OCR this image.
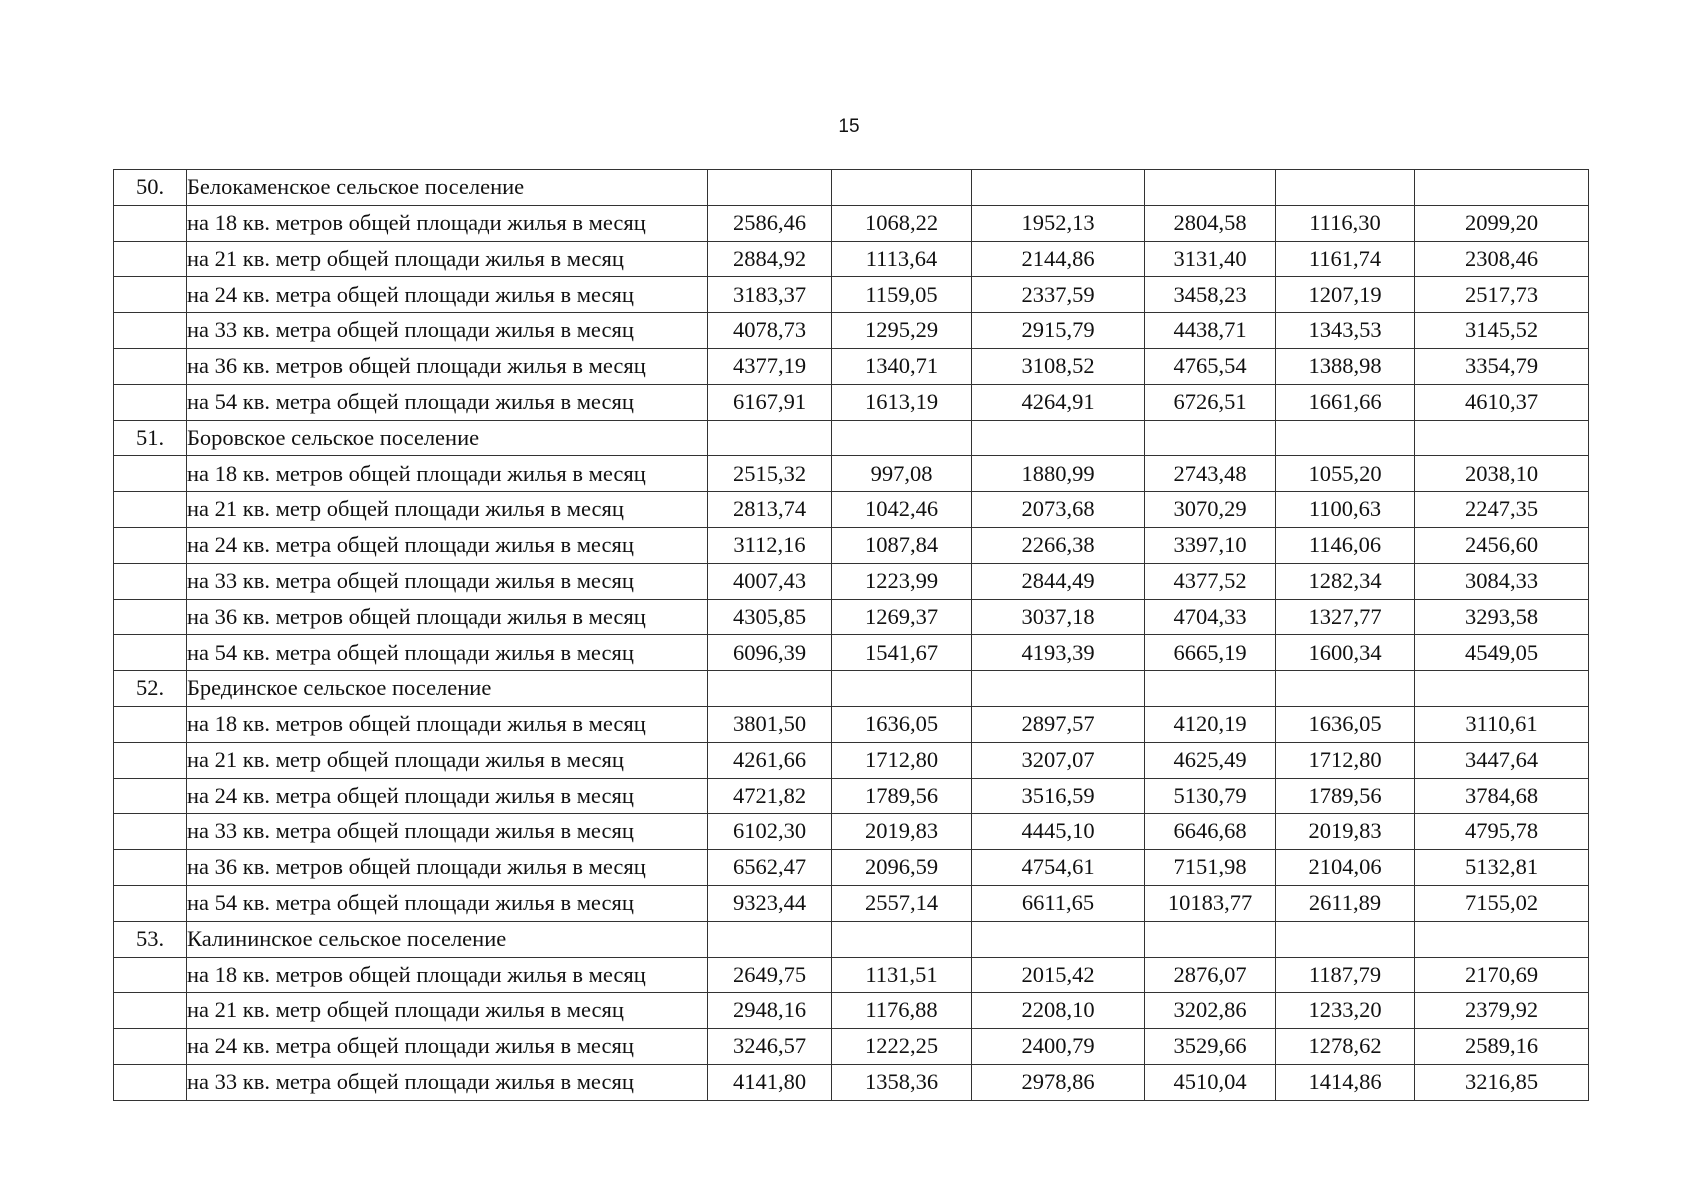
15
50.	Белокаменское сельское поселение						
	на 18 кв. метров общей площади жилья в месяц	2586,46	1068,22	1952,13	2804,58	1116,30	2099,20
	на 21 кв. метр общей площади жилья в месяц	2884,92	1113,64	2144,86	3131,40	1161,74	2308,46
	на 24 кв. метра общей площади жилья в месяц	3183,37	1159,05	2337,59	3458,23	1207,19	2517,73
	на 33 кв. метра общей площади жилья в месяц	4078,73	1295,29	2915,79	4438,71	1343,53	3145,52
	на 36 кв. метров общей площади жилья в месяц	4377,19	1340,71	3108,52	4765,54	1388,98	3354,79
	на 54 кв. метра общей площади жилья в месяц	6167,91	1613,19	4264,91	6726,51	1661,66	4610,37
51.	Боровское сельское поселение						
	на 18 кв. метров общей площади жилья в месяц	2515,32	997,08	1880,99	2743,48	1055,20	2038,10
	на 21 кв. метр общей площади жилья в месяц	2813,74	1042,46	2073,68	3070,29	1100,63	2247,35
	на 24 кв. метра общей площади жилья в месяц	3112,16	1087,84	2266,38	3397,10	1146,06	2456,60
	на 33 кв. метра общей площади жилья в месяц	4007,43	1223,99	2844,49	4377,52	1282,34	3084,33
	на 36 кв. метров общей площади жилья в месяц	4305,85	1269,37	3037,18	4704,33	1327,77	3293,58
	на 54 кв. метра общей площади жилья в месяц	6096,39	1541,67	4193,39	6665,19	1600,34	4549,05
52.	Брединское сельское поселение						
	на 18 кв. метров общей площади жилья в месяц	3801,50	1636,05	2897,57	4120,19	1636,05	3110,61
	на 21 кв. метр общей площади жилья в месяц	4261,66	1712,80	3207,07	4625,49	1712,80	3447,64
	на 24 кв. метра общей площади жилья в месяц	4721,82	1789,56	3516,59	5130,79	1789,56	3784,68
	на 33 кв. метра общей площади жилья в месяц	6102,30	2019,83	4445,10	6646,68	2019,83	4795,78
	на 36 кв. метров общей площади жилья в месяц	6562,47	2096,59	4754,61	7151,98	2104,06	5132,81
	на 54 кв. метра общей площади жилья в месяц	9323,44	2557,14	6611,65	10183,77	2611,89	7155,02
53.	Калининское сельское поселение						
	на 18 кв. метров общей площади жилья в месяц	2649,75	1131,51	2015,42	2876,07	1187,79	2170,69
	на 21 кв. метр общей площади жилья в месяц	2948,16	1176,88	2208,10	3202,86	1233,20	2379,92
	на 24 кв. метра общей площади жилья в месяц	3246,57	1222,25	2400,79	3529,66	1278,62	2589,16
	на 33 кв. метра общей площади жилья в месяц	4141,80	1358,36	2978,86	4510,04	1414,86	3216,85
